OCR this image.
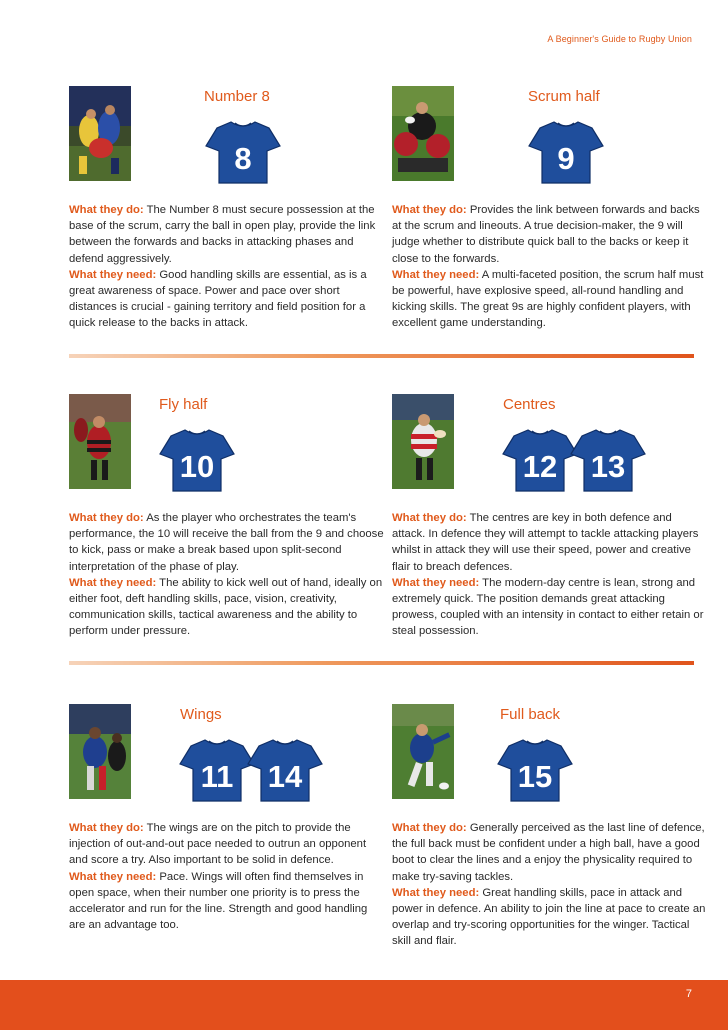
A Beginner's Guide to Rugby Union
Number 8
8

What they do: The Number 8 must secure possession at the base of the scrum, carry the ball in open play, provide the link between the forwards and backs in attacking phases and defend aggressively.

What they need: Good handling skills are essential, as is a great awareness of space. Power and pace over short distances is crucial - gaining territory and field position for a quick release to the backs in attack.

Scrum half
9

What they do: Provides the link between forwards and backs at the scrum and lineouts. A true decision-maker, the 9 will judge whether to distribute quick ball to the backs or keep it close to the forwards.

What they need: A multi-faceted position, the scrum half must be powerful, have explosive speed, all-round handling and kicking skills. The great 9s are highly confident players, with excellent game understanding.

Fly half
10

What they do: As the player who orchestrates the team's performance, the 10 will receive the ball from the 9 and choose to kick, pass or make a break based upon split-second interpretation of the phase of play.

What they need: The ability to kick well out of hand, ideally on either foot, deft handling skills, pace, vision, creativity, communication skills, tactical awareness and the ability to perform under pressure.

Centres
12	13

What they do: The centres are key in both defence and attack. In defence they will attempt to tackle attacking players whilst in attack they will use their speed, power and creative flair to breach defences.

What they need: The modern-day centre is lean, strong and extremely quick. The position demands great attacking prowess, coupled with an intensity in contact to either retain or steal possession.

Wings
11	14

What they do: The wings are on the pitch to provide the injection of out-and-out pace needed to outrun an opponent and score a try. Also important to be solid in defence.

What they need: Pace. Wings will often find themselves in open space, when their number one priority is to press the accelerator and run for the line. Strength and good handling are an advantage too.

Full back
15

What they do: Generally perceived as the last line of defence, the full back must be confident under a high ball, have a good boot to clear the lines and a enjoy the physicality required to make try-saving tackles.

What they need: Great handling skills, pace in attack and power in defence. An ability to join the line at pace to create an overlap and try-scoring opportunities for the winger. Tactical skill and flair.

7
